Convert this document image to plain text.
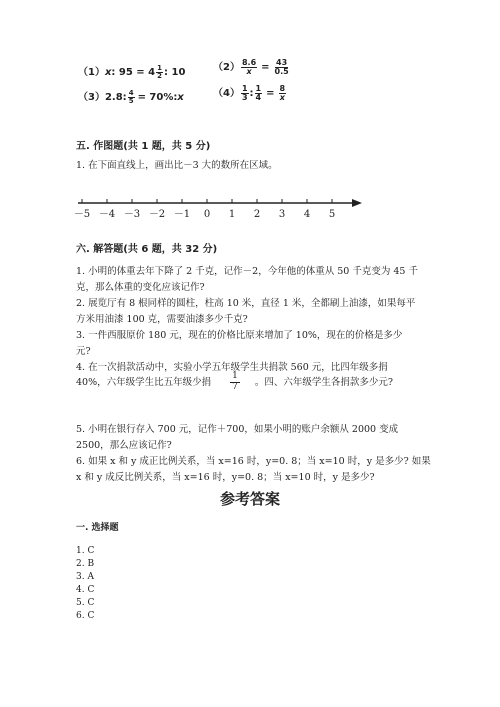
（1）x: $95 = 4 \frac{1}{2}$ : 10	$(2) \frac{8.6}{x} = \frac{43}{0.5}$
（3）2.8: $\frac{4}{5}$ = 70%:x	$(4) \frac{1}{3}$ : $\frac{1}{4} = \frac{8}{x}$
五. 作图题(共 1 题，共 5 分)
1. 在下面直线上，画出比－3 大的数所在区域。
－5 －4 －3 －2 －1 0 1 2 3 4 5
六. 解答题(共 6 题，共 32 分)
1. 小明的体重去年下降了 2 千克，记作－2，今年他的体重从 50 千克变为 45 千
克，那么体重的变化应该记作?
2. 展览厅有 8 根同样的圆柱，柱高 10 米，直径 1 米，全都刷上油漆，如果每平
方米用油漆 100 克，需要油漆多少千克?
3. 一件西服原价 180 元，现在的价格比原来增加了 10%，现在的价格是多少
元?
4. 在一次捐款活动中，实验小学五年级学生共捐款 560 元，比四年级多捐
40%，六年级学生比五年级少捐 $\frac{1}{7}$ 。四、六年级学生各捐款多少元?
5. 小明在银行存入 700 元，记作＋700，如果小明的账户余额从 2000 变成
2500，那么应该记作?
6. 如果 x 和 y 成正比例关系，当 x=16 时，y=0. 8；当 x=10 时，y 是多少? 如果
x 和 y 成反比例关系，当 x=16 时，y=0. 8；当 x=10 时，y 是多少?
参考答案
一. 选择题
1. C
2. B
3. A
4. C
5. C
6. C
